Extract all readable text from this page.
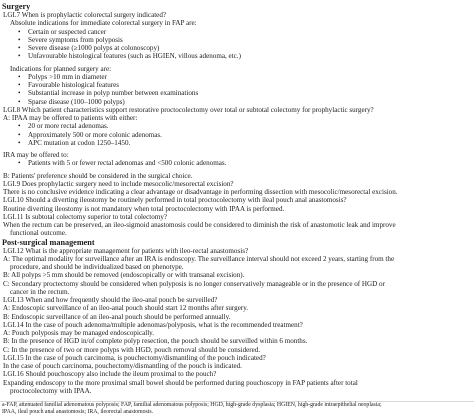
Surgery
LGI.7 When is prophylactic colorectal surgery indicated?
Absolute indications for immediate colorectal surgery in FAP are:
• Certain or suspected cancer
• Severe symptoms from polyposis
• Severe disease (≥1000 polyps at colonoscopy)
• Unfavourable histological features (such as HGIEN, villous adenoma, etc.)
Indications for planned surgery are:
• Polyps >10 mm in diameter
• Favourable histological features
• Substantial increase in polyp number between examinations
• Sparse disease (100–1000 polyps)
LGI.8 Which patient characteristics support restorative proctocolectomy over total or subtotal colectomy for prophylactic surgery?
A: IPAA may be offered to patients with either:
• 20 or more rectal adenomas.
• Approximately 500 or more colonic adenomas.
• APC mutation at codon 1250–1450.
IRA may be offered to:
• Patients with 5 or fewer rectal adenomas and <500 colonic adenomas.
B: Patients' preference should be considered in the surgical choice.
LGI.9 Does prophylactic surgery need to include mesocolic/mesorectal excision?
There is no conclusive evidence indicating a clear advantage or disadvantage in performing dissection with mesocolic/mesorectal excision.
LGI.10 Should a diverting ileostomy be routinely performed in total proctocolectomy with ileal pouch anal anastomosis?
Routine diverting ileostomy is not mandatory when total proctocolectomy with IPAA is performed.
LGI.11 Is subtotal colectomy superior to total colectomy?
When the rectum can be preserved, an ileo-sigmoid anastomosis could be considered to diminish the risk of anastomotic leak and improve
functional outcome.
Post-surgical management
LGI.12 What is the appropriate management for patients with ileo-rectal anastomosis?
A: The optimal modality for surveillance after an IRA is endoscopy. The surveillance interval should not exceed 2 years, starting from the
procedure, and should be individualized based on phenotype.
B: All polyps >5 mm should be removed (endoscopically or with transanal excision).
C: Secondary proctectomy should be considered when polyposis is no longer conservatively manageable or in the presence of HGD or
cancer in the rectum.
LGI.13 When and how frequently should the ileo-anal pouch be surveilled?
A: Endoscopic surveillance of an ileo-anal pouch should start 12 months after surgery.
B: Endoscopic surveillance of an ileo-anal pouch should be performed annually.
LGI.14 In the case of pouch adenoma/multiple adenomas/polyposis, what is the recommended treatment?
A: Pouch polyposis may be managed endoscopically.
B: In the presence of HGD in/of complete polyp resection, the pouch should be surveilled within 6 months.
C: In the presence of two or more polyps with HGD, pouch removal should be considered.
LGI.15 In the case of pouch carcinoma, is pouchectomy/dismantling of the pouch indicated?
In the case of pouch carcinoma, pouchectomy/dismantling of the pouch is indicated.
LGI.16 Should pouchoscopy also include the ileum proximal to the pouch?
Expanding endoscopy to the more proximal small bowel should be performed during pouchoscopy in FAP patients after total
proctocolectomy with IPAA.
a-FAP, attenuated familial adenomatous polyposis; FAP, familial adenomatous polyposis; HGD, high-grade dysplasia; HGIEN, high-grade intraepithelial neoplasia;
IPAA, ileal pouch anal anastomosis; IRA, ileorectal anastomosis.
